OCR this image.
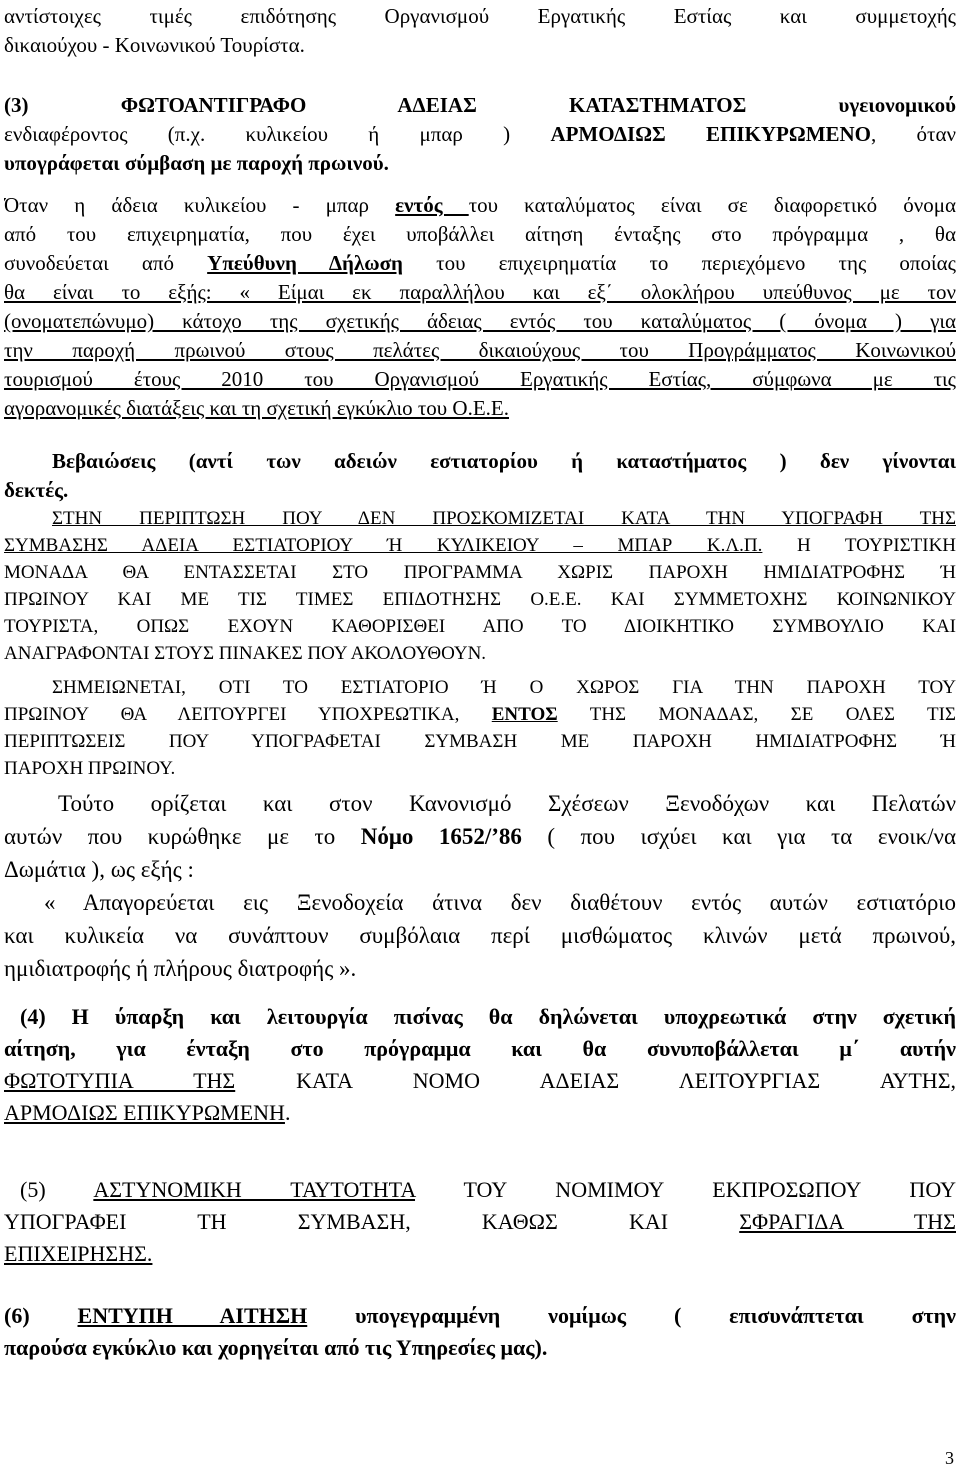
αντίστοιχες τιμές επιδότησης Οργανισμού Εργατικής Εστίας και συμμετοχής
δικαιούχου - Κοινωνικού Τουρίστα.
(3) ΦΩΤΟΑΝΤΙΓΡΑΦΟ ΑΔΕΙΑΣ ΚΑΤΑΣΤΗΜΑΤΟΣ υγειονομικού
ενδιαφέροντος (π.χ. κυλικείου ή μπαρ ) ΑΡΜΟΔΙΩΣ ΕΠΙΚΥΡΩΜΕΝΟ, όταν
υπογράφεται σύμβαση με παροχή πρωινού.
Όταν η άδεια κυλικείου - μπαρ εντός του καταλύματος είναι σε διαφορετικό όνομα
από του επιχειρηματία, που έχει υποβάλλει αίτηση ένταξης στο πρόγραμμα , θα
συνοδεύεται από Υπεύθυνη Δήλωση του επιχειρηματία το περιεχόμενο της οποίας
θα είναι το εξής: « Είμαι εκ παραλλήλου και εξ΄ ολοκλήρου υπεύθυνος με τον
(ονοματεπώνυμο) κάτοχο της σχετικής άδειας εντός του καταλύματος ( όνομα ) για
την παροχή πρωινού στους πελάτες δικαιούχους του Προγράμματος Κοινωνικού
τουρισμού έτους 2010 του Οργανισμού Εργατικής Εστίας, σύμφωνα με τις
αγορανομικές διατάξεις και τη σχετική εγκύκλιο του Ο.Ε.Ε.
Βεβαιώσεις (αντί των αδειών εστιατορίου ή καταστήματος ) δεν γίνονται
δεκτές.
ΣΤΗΝ ΠΕΡΙΠΤΩΣΗ ΠΟΥ ΔΕΝ ΠΡΟΣΚΟΜΙΖΕΤΑΙ ΚΑΤΑ ΤΗΝ ΥΠΟΓΡΑΦΗ ΤΗΣ
ΣΥΜΒΑΣΗΣ ΑΔΕΙΑ ΕΣΤΙΑΤΟΡΙΟΥ Ή ΚΥΛΙΚΕΙΟΥ – ΜΠΑΡ Κ.Λ.Π. Η ΤΟΥΡΙΣΤΙΚΗ
ΜΟΝΑΔΑ ΘΑ ΕΝΤΑΣΣΕΤΑΙ ΣΤΟ ΠΡΟΓΡΑΜΜΑ ΧΩΡΙΣ ΠΑΡΟΧΗ ΗΜΙΔΙΑΤΡΟΦΗΣ Ή
ΠΡΩΙΝΟΥ ΚΑΙ ΜΕ ΤΙΣ ΤΙΜΕΣ ΕΠΙΔΟΤΗΣΗΣ Ο.Ε.Ε. ΚΑΙ ΣΥΜΜΕΤΟΧΗΣ ΚΟΙΝΩΝΙΚΟΥ
ΤΟΥΡΙΣΤΑ, ΟΠΩΣ ΕΧΟΥΝ ΚΑΘΟΡΙΣΘΕΙ ΑΠΟ ΤΟ ΔΙΟΙΚΗΤΙΚΟ ΣΥΜΒΟΥΛΙΟ ΚΑΙ
ΑΝΑΓΡΑΦΟΝΤΑΙ ΣΤΟΥΣ ΠΙΝΑΚΕΣ ΠΟΥ ΑΚΟΛΟΥΘΟΥΝ.
ΣΗΜΕΙΩΝΕΤΑΙ, ΟΤΙ ΤΟ ΕΣΤΙΑΤΟΡΙΟ Ή Ο ΧΩΡΟΣ ΓΙΑ ΤΗΝ ΠΑΡΟΧΗ ΤΟΥ
ΠΡΩΙΝΟΥ ΘΑ ΛΕΙΤΟΥΡΓΕΙ ΥΠΟΧΡΕΩΤΙΚΑ, ΕΝΤΟΣ ΤΗΣ ΜΟΝΑΔΑΣ, ΣΕ ΟΛΕΣ ΤΙΣ
ΠΕΡΙΠΤΩΣΕΙΣ ΠΟΥ ΥΠΟΓΡΑΦΕΤΑΙ ΣΥΜΒΑΣΗ ΜΕ ΠΑΡΟΧΗ ΗΜΙΔΙΑΤΡΟΦΗΣ Ή
ΠΑΡΟΧΗ ΠΡΩΙΝΟΥ.
Τούτο ορίζεται και στον Κανονισμό Σχέσεων Ξενοδόχων και Πελατών
αυτών που κυρώθηκε με το Νόμο 1652/’86 ( που ισχύει και για τα ενοικ/να
Δωμάτια ), ως εξής :
« Απαγορεύεται εις Ξενοδοχεία άτινα δεν διαθέτουν εντός αυτών εστιατόριο
και κυλικεία να συνάπτουν συμβόλαια περί μισθώματος κλινών μετά πρωινού,
ημιδιατροφής ή πλήρους διατροφής ».
(4) Η ύπαρξη και λειτουργία πισίνας θα δηλώνεται υποχρεωτικά στην σχετική
αίτηση, για ένταξη στο πρόγραμμα και θα συνυποβάλλεται μ΄ αυτήν
ΦΩΤΟΤΥΠΙΑ ΤΗΣ ΚΑΤΑ ΝΟΜΟ ΑΔΕΙΑΣ ΛΕΙΤΟΥΡΓΙΑΣ ΑΥΤΗΣ,
ΑΡΜΟΔΙΩΣ ΕΠΙΚΥΡΩΜΕΝΗ.
(5) ΑΣΤΥΝΟΜΙΚΗ ΤΑΥΤΟΤΗΤΑ ΤΟΥ ΝΟΜΙΜΟΥ ΕΚΠΡΟΣΩΠΟΥ ΠΟΥ
ΥΠΟΓΡΑΦΕΙ ΤΗ ΣΥΜΒΑΣΗ, ΚΑΘΩΣ ΚΑΙ ΣΦΡΑΓΙΔΑ ΤΗΣ
ΕΠΙΧΕΙΡΗΣΗΣ.
(6) ΕΝΤΥΠΗ ΑΙΤΗΣΗ υπογεγραμμένη νομίμως ( επισυνάπτεται στην
παρούσα εγκύκλιο και χορηγείται από τις Υπηρεσίες μας).
3
